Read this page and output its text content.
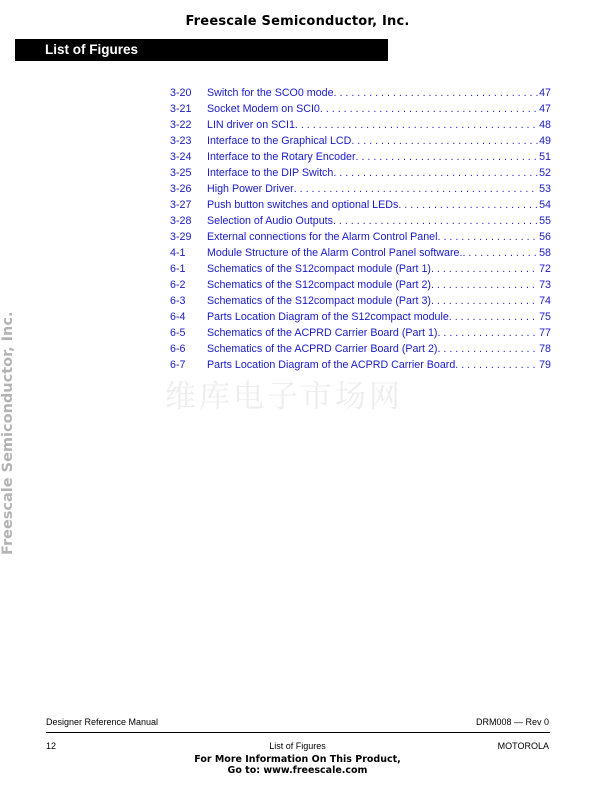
Freescale Semiconductor, Inc.
List of Figures
Freescale Semiconductor, Inc.	维库电子市场网
3-20	Switch for the SCO0 mode . . .	47
3-21	Socket Modem on SCI0 . . .	47
3-22	LIN driver on SCI1 . . .	48
3-23	Interface to the Graphical LCD . . .	49
3-24	Interface to the Rotary Encoder . . .	51
3-25	Interface to the DIP Switch . . .	52
3-26	High Power Driver . . .	53
3-27	Push button switches and optional LEDs . . .	54
3-28	Selection of Audio Outputs . . .	55
3-29	External connections for the Alarm Control Panel . . .	56
4-1	Module Structure of the Alarm Control Panel software. . . .	58
6-1	Schematics of the S12compact module (Part 1) . . .	72
6-2	Schematics of the S12compact module (Part 2) . . .	73
6-3	Schematics of the S12compact module (Part 3) . . .	74
6-4	Parts Location Diagram of the S12compact module . . .	75
6-5	Schematics of the ACPRD Carrier Board (Part 1) . . .	77
6-6	Schematics of the ACPRD Carrier Board (Part 2) . . .	78
6-7	Parts Location Diagram of the ACPRD Carrier Board . . .	79
Designer Reference Manual	DRM008 — Rev 0
12	List of Figures	MOTOROLA
For More Information On This Product,
Go to: www.freescale.com
